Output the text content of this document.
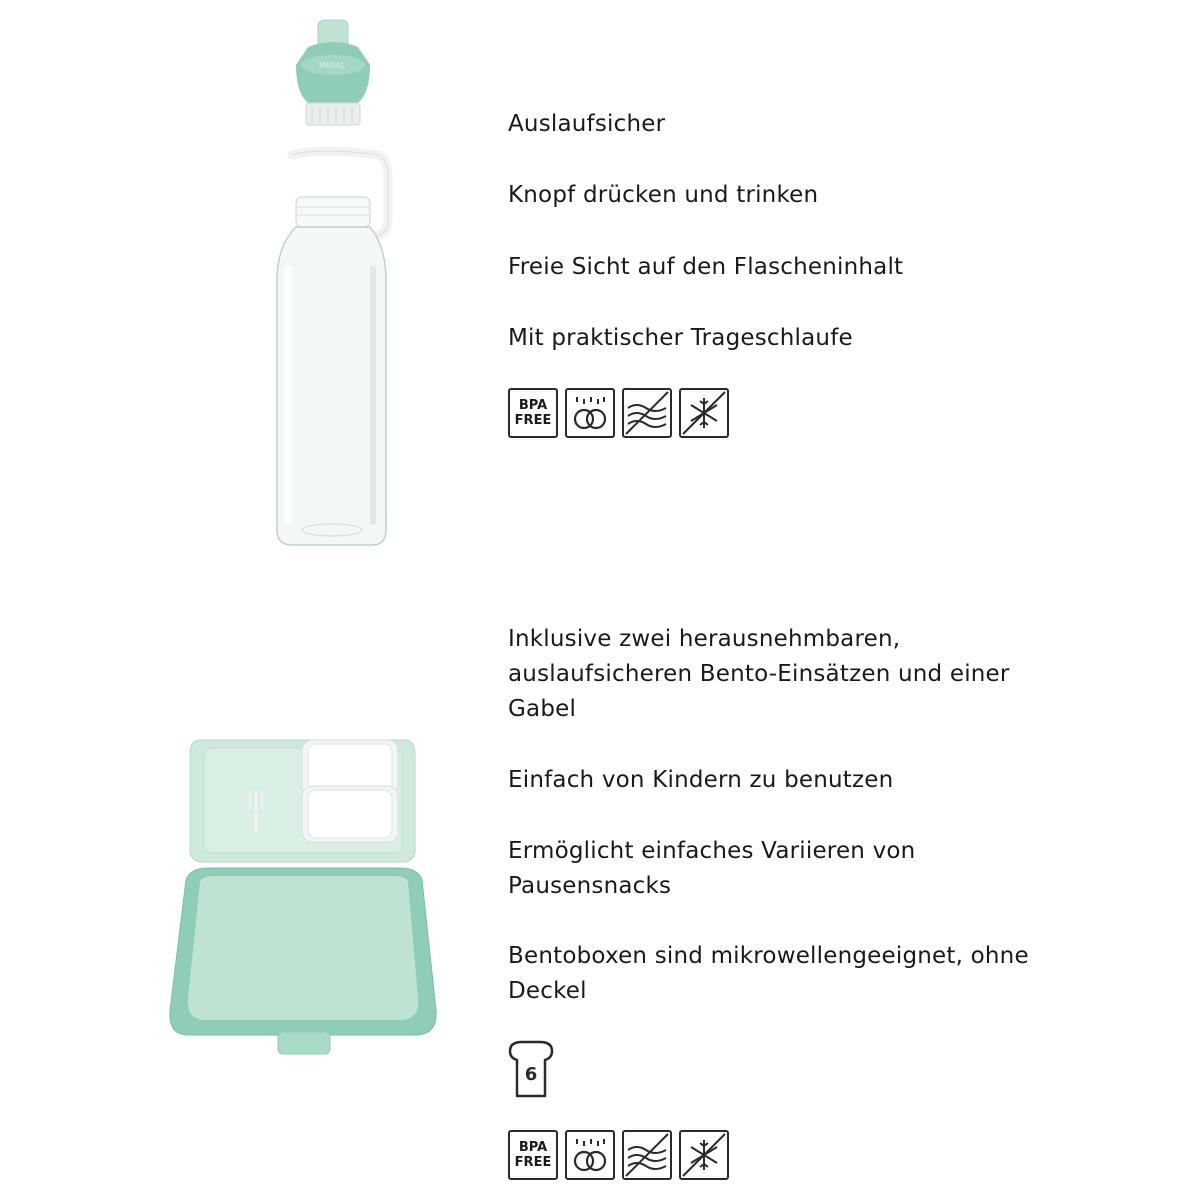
MEPAL
Auslaufsicher
Knopf drücken und trinken
Freie Sicht auf den Flascheninhalt
Mit praktischer Trageschlaufe
BPA
FREE
Inklusive zwei herausnehmbaren,
auslaufsicheren Bento-Einsätzen und einer
Gabel
Einfach von Kindern zu benutzen
Ermöglicht einfaches Variieren von
Pausensnacks
Bentoboxen sind mikrowellengeeignet, ohne
Deckel
6
BPA
FREE
